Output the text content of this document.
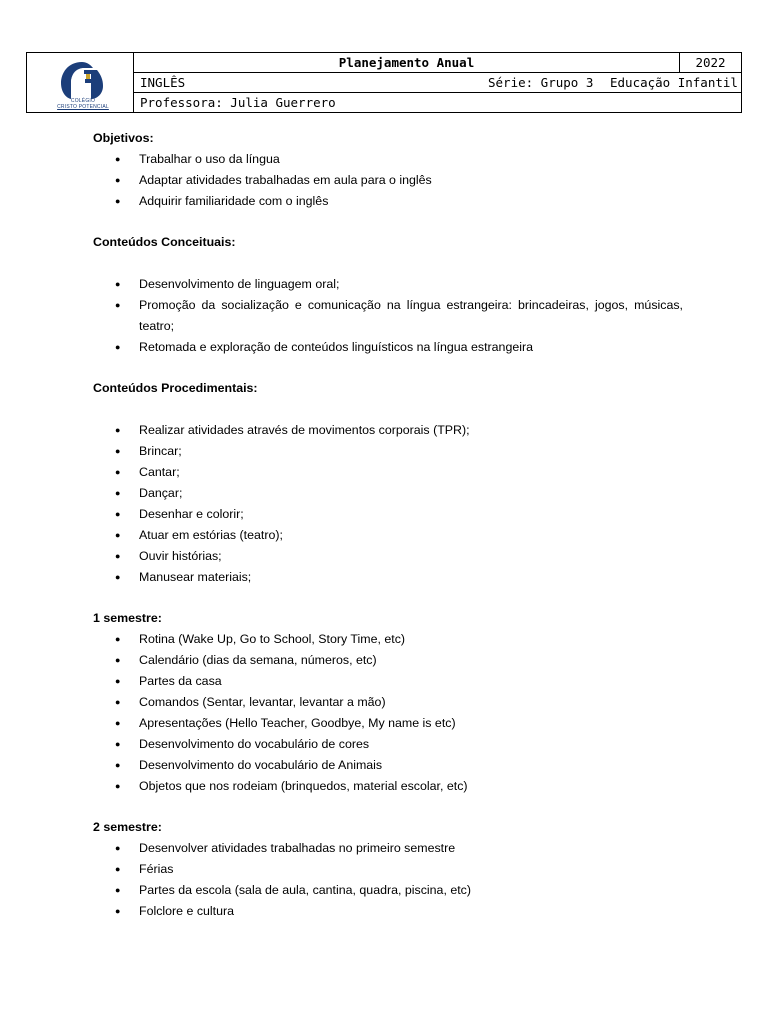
COLÉGIO
CRISTO POTENCIAL
Planejamento Anual	2022
INGLÊS	Série: Grupo 3 Educação Infantil
Professora: Julia Guerrero

Objetivos:

● Trabalhar o uso da língua
● Adaptar atividades trabalhadas em aula para o inglês
● Adquirir familiaridade com o inglês

Conteúdos Conceituais:

● Desenvolvimento de linguagem oral;
● Promoção da socialização e comunicação na língua estrangeira: brincadeiras, jogos, músicas, teatro;
● Retomada e exploração de conteúdos linguísticos na língua estrangeira

Conteúdos Procedimentais:

● Realizar atividades através de movimentos corporais (TPR);
● Brincar;
● Cantar;
● Dançar;
● Desenhar e colorir;
● Atuar em estórias (teatro);
● Ouvir histórias;
● Manusear materiais;

1 semestre:

● Rotina (Wake Up, Go to School, Story Time, etc)
● Calendário (dias da semana, números, etc)
● Partes da casa
● Comandos (Sentar, levantar, levantar a mão)
● Apresentações (Hello Teacher, Goodbye, My name is etc)
● Desenvolvimento do vocabulário de cores
● Desenvolvimento do vocabulário de Animais
● Objetos que nos rodeiam (brinquedos, material escolar, etc)

2 semestre:

● Desenvolver atividades trabalhadas no primeiro semestre
● Férias
● Partes da escola (sala de aula, cantina, quadra, piscina, etc)
● Folclore e cultura
